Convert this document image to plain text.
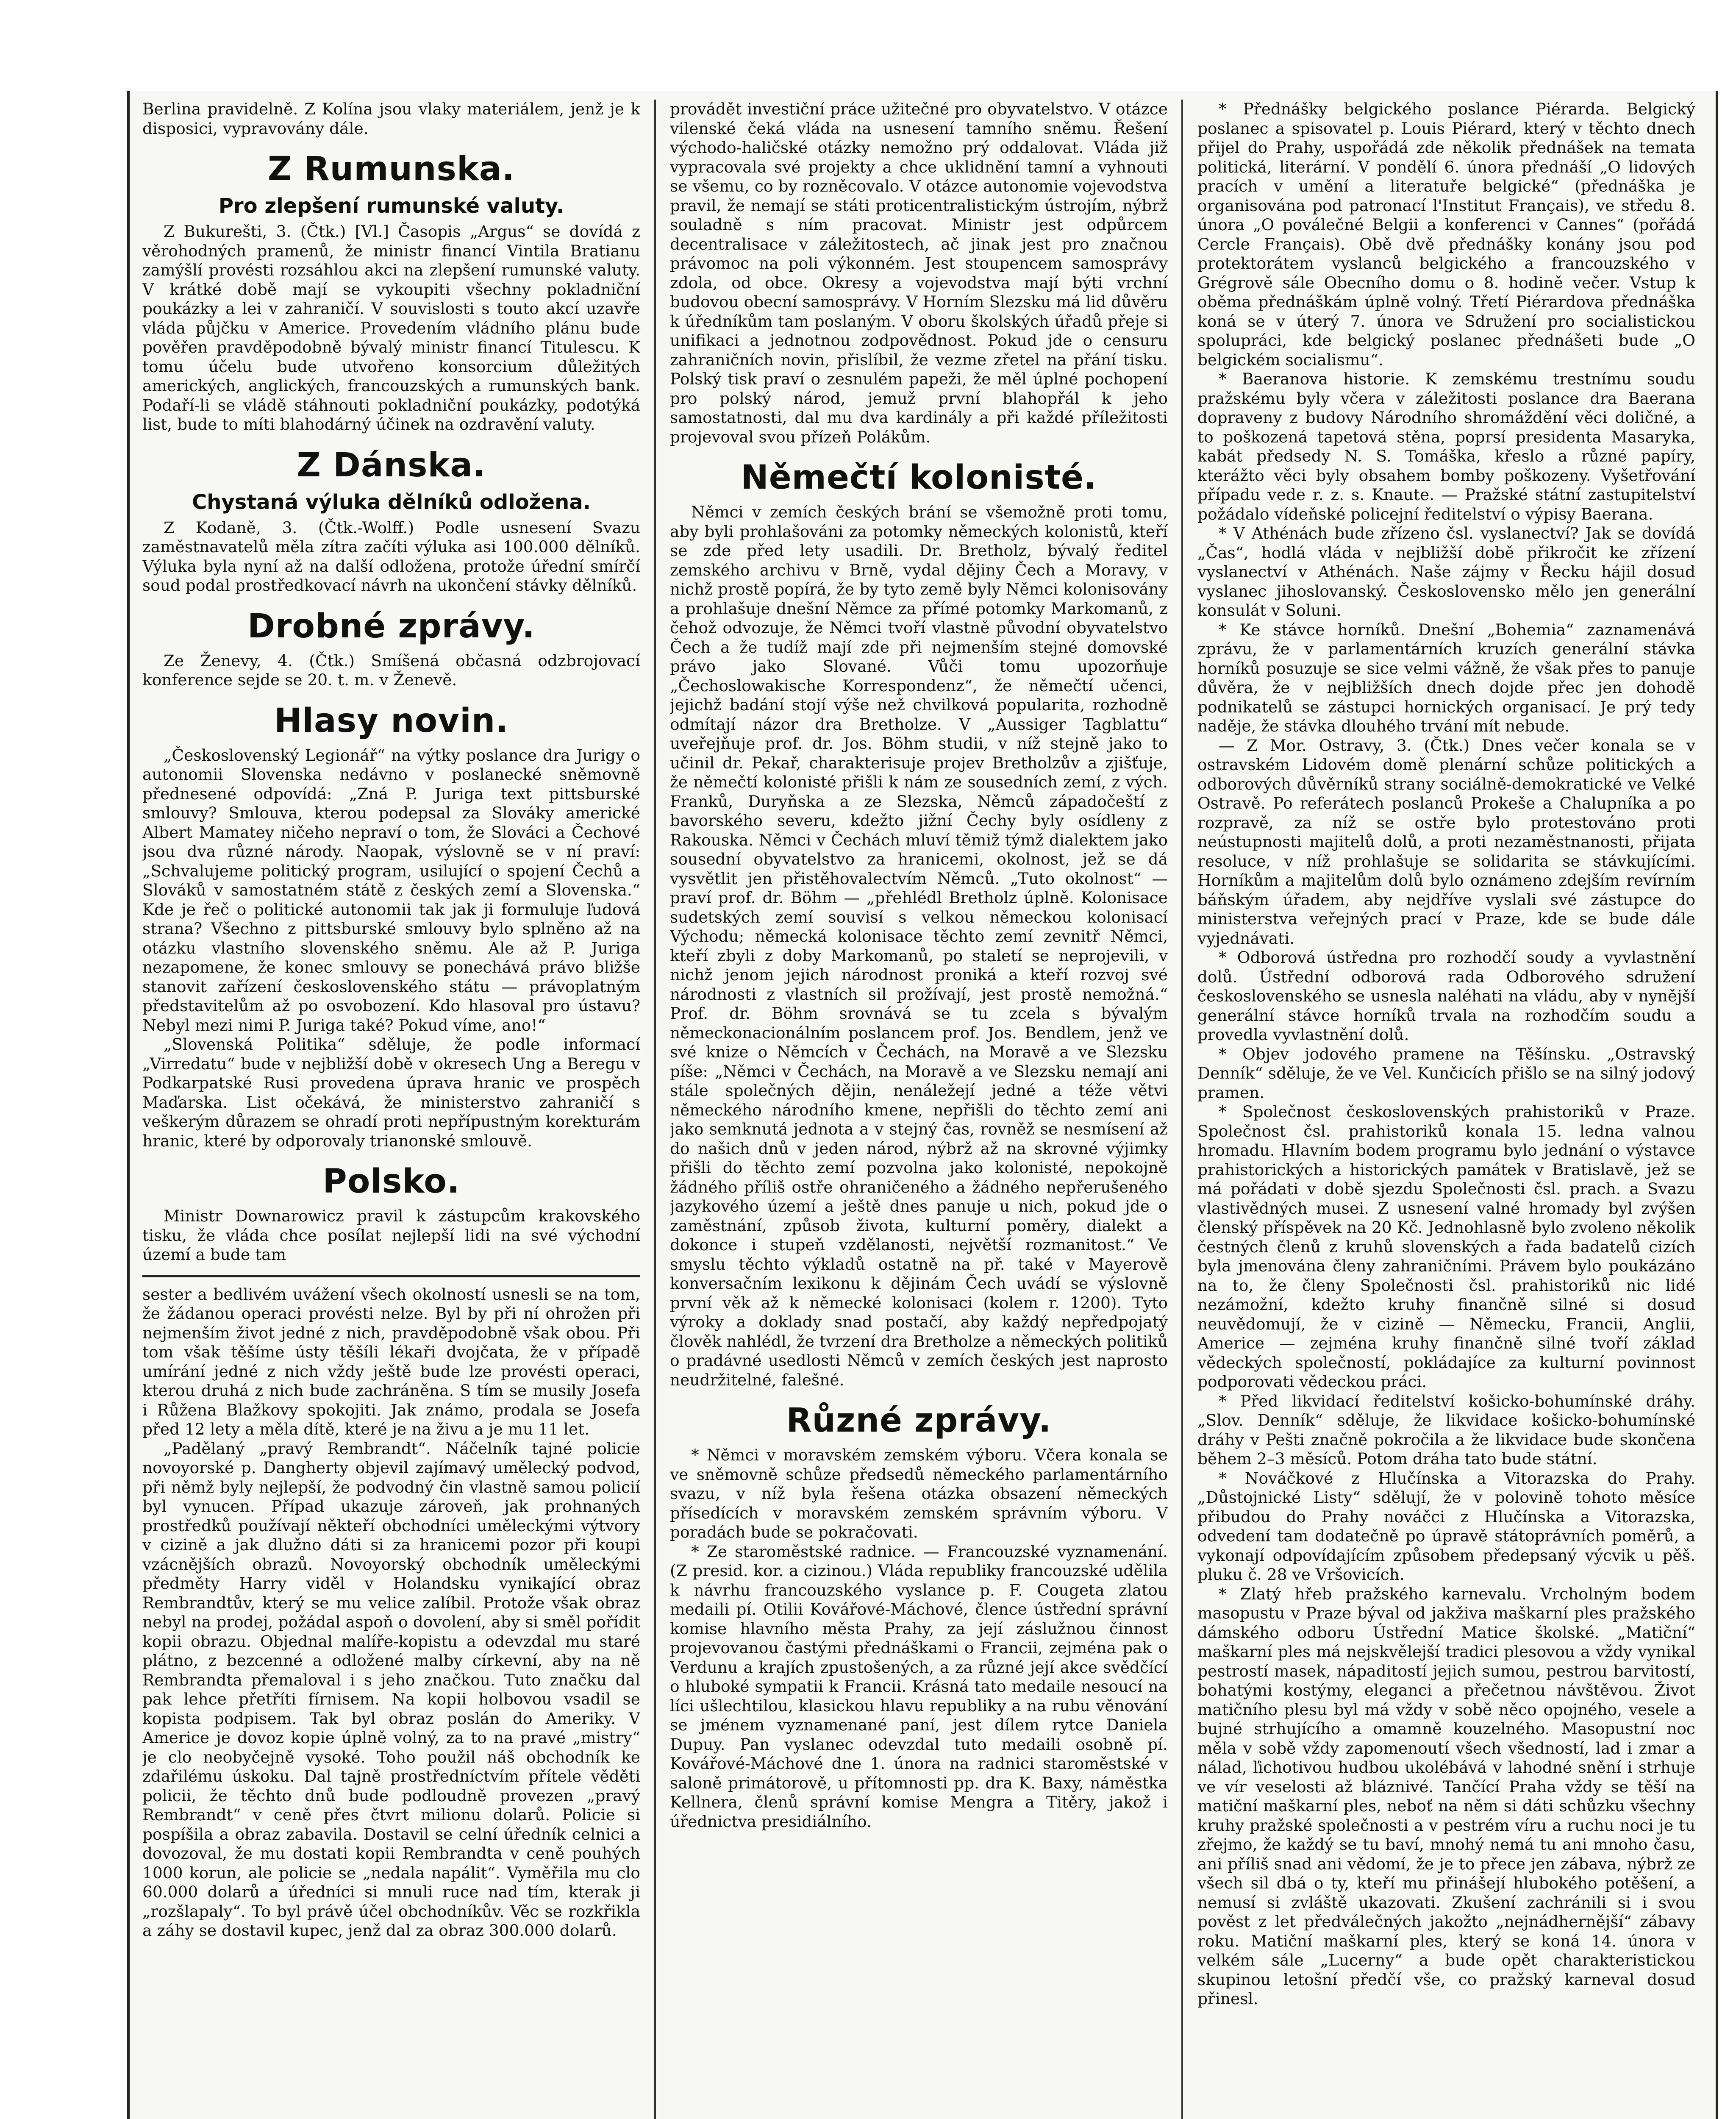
Berlina pravidelně. Z Kolína jsou vlaky materiálem, jenž je k disposici, vypravovány dále.

Z Rumunska.
Pro zlepšení rumunské valuty.

Z Bukurešti, 3. (Čtk.) [Vl.] Časopis „Argus“ se dovídá z věrohodných pramenů, že ministr financí Vintila Bratianu zamýšlí provésti rozsáhlou akci na zlepšení rumunské valuty. V krátké době mají se vykoupiti všechny pokladniční poukázky a lei v zahraničí. V souvislosti s touto akcí uzavře vláda půjčku v Americe. Provedením vládního plánu bude pověřen pravděpodobně bývalý ministr financí Titulescu. K tomu účelu bude utvořeno konsorcium důležitých amerických, anglických, francouzských a rumunských bank. Podaří-li se vládě stáhnouti pokladniční poukázky, podotýká list, bude to míti blahodárný účinek na ozdravění valuty.

Z Dánska.
Chystaná výluka dělníků odložena.

Z Kodaně, 3. (Čtk.-Wolff.) Podle usnesení Svazu zaměstnavatelů měla zítra začíti výluka asi 100.000 dělníků. Výluka byla nyní až na další odložena, protože úřední smírčí soud podal prostředkovací návrh na ukončení stávky dělníků.

Drobné zprávy.

Ze Ženevy, 4. (Čtk.) Smíšená občasná odzbrojovací konference sejde se 20. t. m. v Ženevě.

Hlasy novin.

„Československý Legionář“ na výtky poslance dra Jurigy o autonomii Slovenska nedávno v poslanecké sněmovně přednesené odpovídá: „Zná P. Juriga text pittsburské smlouvy? Smlouva, kterou podepsal za Slováky americké Albert Mamatey ničeho nepraví o tom, že Slováci a Čechové jsou dva různé národy. Naopak, výslovně se v ní praví: „Schvalujeme politický program, usilující o spojení Čechů a Slováků v samostatném státě z českých zemí a Slovenska.“ Kde je řeč o politické autonomii tak jak ji formuluje ľudová strana? Všechno z pittsburské smlouvy bylo splněno až na otázku vlastního slovenského sněmu. Ale až P. Juriga nezapomene, že konec smlouvy se ponechává právo bližše stanovit zařízení československého státu — právoplatným představitelům až po osvobození. Kdo hlasoval pro ústavu? Nebyl mezi nimi P. Juriga také? Pokud víme, ano!“

„Slovenská Politika“ sděluje, že podle informací „Virredatu“ bude v nejbližší době v okresech Ung a Beregu v Podkarpatské Rusi provedena úprava hranic ve prospěch Maďarska. List očekává, že ministerstvo zahraničí s veškerým důrazem se ohradí proti nepřípustným korekturám hranic, které by odporovaly trianonské smlouvě.

Polsko.

Ministr Downarowicz pravil k zástupcům krakovského tisku, že vláda chce posílat nejlepší lidi na své východní území a bude tam

sester a bedlivém uvážení všech okolností usnesli se na tom, že žádanou operaci provésti nelze. Byl by při ní ohrožen při nejmenším život jedné z nich, pravděpodobně však obou. Při tom však těšíme ústy těšíli lékaři dvojčata, že v případě umírání jedné z nich vždy ještě bude lze provésti operaci, kterou druhá z nich bude zachráněna. S tím se musily Josefa i Růžena Blažkovy spokojiti. Jak známo, prodala se Josefa před 12 lety a měla dítě, které je na živu a je mu 11 let.

„Padělaný „pravý Rembrandt“. Náčelník tajné policie novoyorské p. Dangherty objevil zajímavý umělecký podvod, při němž byly nejlepší, že podvodný čin vlastně samou policií byl vynucen. Případ ukazuje zároveň, jak prohnaných prostředků používají někteří obchodníci uměleckými výtvory v cizině a jak dlužno dáti si za hranicemi pozor při koupi vzácnějších obrazů. Novoyorský obchodník uměleckými předměty Harry viděl v Holandsku vynikající obraz Rembrandtův, který se mu velice zalíbil. Protože však obraz nebyl na prodej, požádal aspoň o dovolení, aby si směl pořídit kopii obrazu. Objednal malíře-kopistu a odevzdal mu staré plátno, z bezcenné a odložené malby církevní, aby na ně Rembrandta přemaloval i s jeho značkou. Tuto značku dal pak lehce přetříti fírnisem. Na kopii holbovou vsadil se kopista podpisem. Tak byl obraz poslán do Ameriky. V Americe je dovoz kopie úplně volný, za to na pravé „mistry“ je clo neobyčejně vysoké. Toho použil náš obchodník ke zdařilému úskoku. Dal tajně prostředníctvím přítele věděti policii, že těchto dnů bude podloudně provezen „pravý Rembrandt“ v ceně přes čtvrt milionu dolarů. Policie si pospíšila a obraz zabavila. Dostavil se celní úředník celnici a dovozoval, že mu dostati kopii Rembrandta v ceně pouhých 1000 korun, ale policie se „nedala napálit“. Vyměřila mu clo 60.000 dolarů a úředníci si mnuli ruce nad tím, kterak ji „rozšlapaly“. To byl právě účel obchodníkův. Věc se rozkřikla a záhy se dostavil kupec, jenž dal za obraz 300.000 dolarů.

provádět investiční práce užitečné pro obyvatelstvo. V otázce vilenské čeká vláda na usnesení tamního sněmu. Řešení východo-haličské otázky nemožno prý oddalovat. Vláda již vypracovala své projekty a chce uklidnění tamní a vyhnouti se všemu, co by rozněcovalo. V otázce autonomie vojevodstva pravil, že nemají se státi proticentralistickým ústrojím, nýbrž souladně s ním pracovat. Ministr jest odpůrcem decentralisace v záležitostech, ač jinak jest pro značnou právomoc na poli výkonném. Jest stoupencem samosprávy zdola, od obce. Okresy a vojevodstva mají býti vrchní budovou obecní samosprávy. V Horním Slezsku má lid důvěru k úředníkům tam poslaným. V oboru školských úřadů přeje si unifikaci a jednotnou zodpovědnost. Pokud jde o censuru zahraničních novin, přislíbil, že vezme zřetel na přání tisku. Polský tisk praví o zesnulém papeži, že měl úplné pochopení pro polský národ, jemuž první blahopřál k jeho samostatnosti, dal mu dva kardinály a při každé příležitosti projevoval svou přízeň Polákům.

Němečtí kolonisté.

Němci v zemích českých brání se všemožně proti tomu, aby byli prohlašováni za potomky německých kolonistů, kteří se zde před lety usadili. Dr. Bretholz, bývalý ředitel zemského archivu v Brně, vydal dějiny Čech a Moravy, v nichž prostě popírá, že by tyto země byly Němci kolonisovány a prohlašuje dnešní Němce za přímé potomky Markomanů, z čehož odvozuje, že Němci tvoří vlastně původní obyvatelstvo Čech a že tudíž mají zde při nejmenším stejné domovské právo jako Slované. Vůči tomu upozorňuje „Čechoslowakische Korrespondenz“, že němečtí učenci, jejichž badání stojí výše než chvilková popularita, rozhodně odmítají názor dra Bretholze. V „Aussiger Tagblattu“ uveřejňuje prof. dr. Jos. Böhm studii, v níž stejně jako to učinil dr. Pekař, charakterisuje projev Bretholzův a zjišťuje, že němečtí kolonisté přišli k nám ze sousedních zemí, z vých. Franků, Duryňska a ze Slezska, Němců západočeští z bavorského severu, kdežto jižní Čechy byly osídleny z Rakouska. Němci v Čechách mluví těmiž týmž dialektem jako sousední obyvatelstvo za hranicemi, okolnost, jež se dá vysvětlit jen přistěhovalectvím Němců. „Tuto okolnost“ — praví prof. dr. Böhm — „přehlédl Bretholz úplně. Kolonisace sudetských zemí souvisí s velkou německou kolonisací Východu; německá kolonisace těchto zemí zevnitř Němci, kteří zbyli z doby Markomanů, po staletí se neprojevili, v nichž jenom jejich národnost proniká a kteří rozvoj své národnosti z vlastních sil prožívají, jest prostě nemožná.“ Prof. dr. Böhm srovnává se tu zcela s bývalým německonacionálním poslancem prof. Jos. Bendlem, jenž ve své knize o Němcích v Čechách, na Moravě a ve Slezsku píše: „Němci v Čechách, na Moravě a ve Slezsku nemají ani stále společných dějin, nenáležejí jedné a téže větvi německého národního kmene, nepřišli do těchto zemí ani jako semknutá jednota a v stejný čas, rovněž se nesmísení až do našich dnů v jeden národ, nýbrž až na skrovné výjimky přišli do těchto zemí pozvolna jako kolonisté, nepokojně žádného příliš ostře ohraničeného a žádného nepřerušeného jazykového území a ještě dnes panuje u nich, pokud jde o zaměstnání, způsob života, kulturní poměry, dialekt a dokonce i stupeň vzdělanosti, největší rozmanitost.“ Ve smyslu těchto výkladů ostatně na př. také v Mayerově konversačním lexikonu k dějinám Čech uvádí se výslovně první věk až k německé kolonisaci (kolem r. 1200). Tyto výroky a doklady snad postačí, aby každý nepředpojatý člověk nahlédl, že tvrzení dra Bretholze a německých politiků o pradávné usedlosti Němců v zemích českých jest naprosto neudržitelné, falešné.

Různé zprávy.

* Němci v moravském zemském výboru. Včera konala se ve sněmovně schůze předsedů německého parlamentárního svazu, v níž byla řešena otázka obsazení německých přísedících v moravském zemském správním výboru. V poradách bude se pokračovati.

* Ze staroměstské radnice. — Francouzské vyznamenání. (Z presid. kor. a cizinou.) Vláda republiky francouzské udělila k návrhu francouzského vyslance p. F. Cougeta zlatou medaili pí. Otilii Kovářové-Máchové, člence ústřední správní komise hlavního města Prahy, za její záslužnou činnost projevovanou častými přednáškami o Francii, zejména pak o Verdunu a krajích zpustošených, a za různé její akce svědčící o hluboké sympatii k Francii. Krásná tato medaile nesoucí na líci ušlechtilou, klasickou hlavu republiky a na rubu věnování se jménem vyznamenané paní, jest dílem rytce Daniela Dupuy. Pan vyslanec odevzdal tuto medaili osobně pí. Kovářové-Máchové dne 1. února na radnici staroměstské v saloně primátorově, u přítomnosti pp. dra K. Baxy, náměstka Kellnera, členů správní komise Mengra a Titěry, jakož i úřednictva presidiálního.

* Přednášky belgického poslance Piérarda. Belgický poslanec a spisovatel p. Louis Piérard, který v těchto dnech přijel do Prahy, uspořádá zde několik přednášek na temata politická, literární. V pondělí 6. února přednáší „O lidových pracích v umění a literatuře belgické“ (přednáška je organisována pod patronací l'Institut Français), ve středu 8. února „O poválečné Belgii a konferenci v Cannes“ (pořádá Cercle Français). Obě dvě přednášky konány jsou pod protektorátem vyslanců belgického a francouzského v Grégrově sále Obecního domu o 8. hodině večer. Vstup k oběma přednáškám úplně volný. Třetí Piérardova přednáška koná se v úterý 7. února ve Sdružení pro socialistickou spolupráci, kde belgický poslanec přednášeti bude „O belgickém socialismu“.

* Baeranova historie. K zemskému trestnímu soudu pražskému byly včera v záležitosti poslance dra Baerana dopraveny z budovy Národního shromáždění věci doličné, a to poškozená tapetová stěna, poprsí presidenta Masaryka, kabát předsedy N. S. Tomáška, křeslo a různé papíry, kterážto věci byly obsahem bomby poškozeny. Vyšetřování případu vede r. z. s. Knaute. — Pražské státní zastupitelství požádalo vídeňské policejní ředitelství o výpisy Baerana.

* V Athénách bude zřízeno čsl. vyslanectví? Jak se dovídá „Čas“, hodlá vláda v nejbližší době přikročit ke zřízení vyslanectví v Athénách. Naše zájmy v Řecku hájil dosud vyslanec jihoslovanský. Československo mělo jen generální konsulát v Soluni.

* Ke stávce horníků. Dnešní „Bohemia“ zaznamenává zprávu, že v parlamentárních kruzích generální stávka horníků posuzuje se sice velmi vážně, že však přes to panuje důvěra, že v nejbližších dnech dojde přec jen dohodě podnikatelů se zástupci hornických organisací. Je prý tedy naděje, že stávka dlouhého trvání mít nebude.

— Z Mor. Ostravy, 3. (Čtk.) Dnes večer konala se v ostravském Lidovém domě plenární schůze politických a odborových důvěrníků strany sociálně-demokratické ve Velké Ostravě. Po referátech poslanců Prokeše a Chalupníka a po rozpravě, za níž se ostře bylo protestováno proti neústupnosti majitelů dolů, a proti nezaměstnanosti, přijata resoluce, v níž prohlašuje se solidarita se stávkujícími. Horníkům a majitelům dolů bylo oznámeno zdejším revírním báňským úřadem, aby nejdříve vyslali své zástupce do ministerstva veřejných prací v Praze, kde se bude dále vyjednávati.

* Odborová ústředna pro rozhodčí soudy a vyvlastnění dolů. Ústřední odborová rada Odborového sdružení československého se usnesla naléhati na vládu, aby v nynější generální stávce horníků trvala na rozhodčím soudu a provedla vyvlastnění dolů.

* Objev jodového pramene na Těšínsku. „Ostravský Denník“ sděluje, že ve Vel. Kunčicích přišlo se na silný jodový pramen.

* Společnost československých prahistoriků v Praze. Společnost čsl. prahistoriků konala 15. ledna valnou hromadu. Hlavním bodem programu bylo jednání o výstavce prahistorických a historických památek v Bratislavě, jež se má pořádati v době sjezdu Společnosti čsl. prach. a Svazu vlastivědných musei. Z usnesení valné hromady byl zvýšen členský příspěvek na 20 Kč. Jednohlasně bylo zvoleno několik čestných členů z kruhů slovenských a řada badatelů cizích byla jmenována členy zahraničními. Právem bylo poukázáno na to, že členy Společnosti čsl. prahistoriků nic lidé nezámožní, kdežto kruhy finančně silné si dosud neuvědomují, že v cizině — Německu, Francii, Anglii, Americe — zejména kruhy finančně silné tvoří základ vědeckých společností, pokládajíce za kulturní povinnost podporovati vědeckou práci.

* Před likvidací ředitelství košicko-bohumínské dráhy. „Slov. Denník“ sděluje, že likvidace košicko-bohumínské dráhy v Pešti značně pokročila a že likvidace bude skončena během 2–3 měsíců. Potom dráha tato bude státní.

* Nováčkové z Hlučínska a Vitorazska do Prahy. „Důstojnické Listy“ sdělují, že v polovině tohoto měsíce přibudou do Prahy nováčci z Hlučínska a Vitorazska, odvedení tam dodatečně po úpravě státoprávních poměrů, a vykonají odpovídajícím způsobem předepsaný výcvik u pěš. pluku č. 28 ve Vršovicích.

* Zlatý hřeb pražského karnevalu. Vrcholným bodem masopustu v Praze býval od jakživa maškarní ples pražského dámského odboru Ústřední Matice školské. „Matiční“ maškarní ples má nejskvělejší tradici plesovou a vždy vynikal pestrostí masek, nápaditostí jejich sumou, pestrou barvitostí, bohatými kostýmy, eleganci a přečetnou návštěvou. Život matičního plesu byl má vždy v sobě něco opojného, vesele a bujné strhujícího a omamně kouzelného. Masopustní noc měla v sobě vždy zapomenoutí všech všedností, lad i zmar a nálad, ľichotivou hudbou ukolébává v lahodné snění i strhuje ve vír veselosti až bláznivé. Tančící Praha vždy se těší na matiční maškarní ples, neboť na něm si dáti schůzku všechny kruhy pražské společnosti a v pestrém víru a ruchu noci je tu zřejmo, že každý se tu baví, mnohý nemá tu ani mnoho času, ani příliš snad ani vědomí, že je to přece jen zábava, nýbrž ze všech sil dbá o ty, kteří mu přinášejí hlubokého potěšení, a nemusí si zvláště ukazovati. Zkušení zachránili si i svou pověst z let předválečných jakožto „nejnádhernější“ zábavy roku. Matiční maškarní ples, který se koná 14. února v velkém sále „Lucerny“ a bude opět charakteristickou skupinou letošní předčí vše, co pražský karneval dosud přinesl.
